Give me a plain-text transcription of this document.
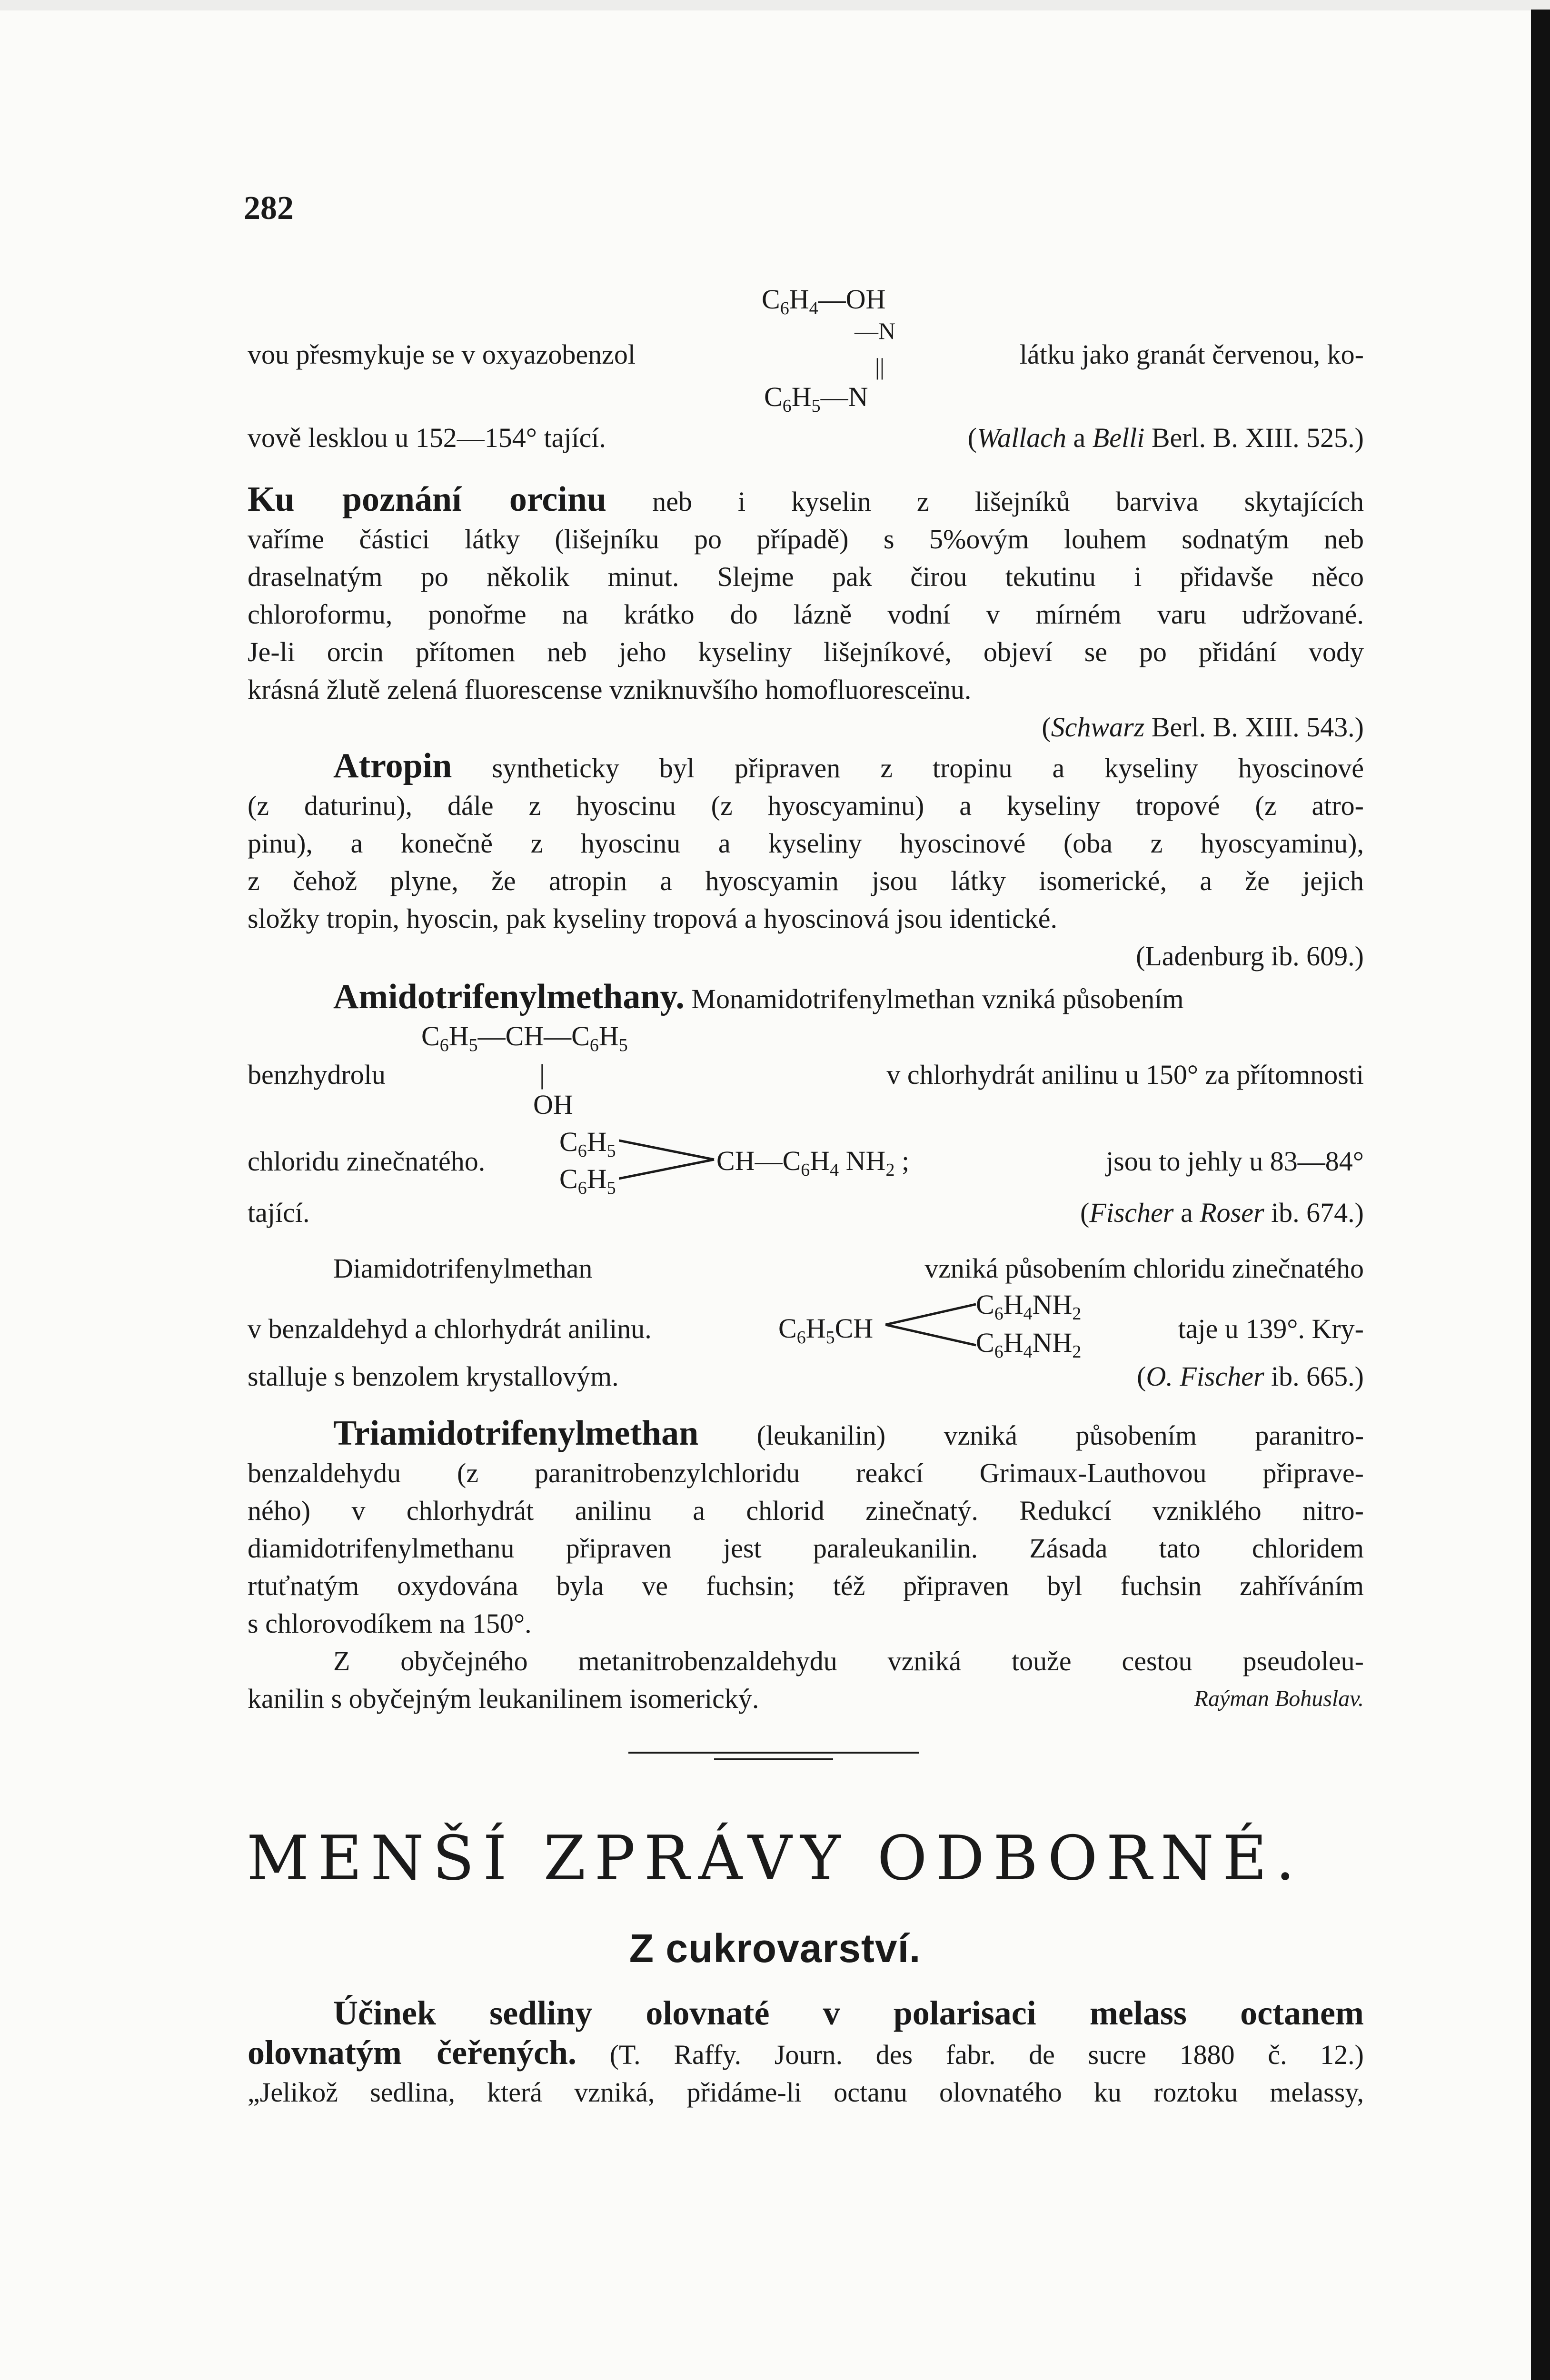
282
$C_6H_4—OH$
—N
||
$C_6H_5—N$
vou přesmykuje se v oxyazobenzol	látku jako granát červenou, ko-
vově lesklou u 152—154° tající.	(Wallach a Belli Berl. B. XIII. 525.)

Ku poznání orcinu neb i kyselin z lišejníků barviva skytajících

vaříme částici látky (lišejníku po případě) s 5%ovým louhem sodnatým neb

draselnatým po několik minut. Slejme pak čirou tekutinu i přidavše něco

chloroformu, ponořme na krátko do lázně vodní v mírném varu udržované.

Je-li orcin přítomen neb jeho kyseliny lišejníkové, objeví se po přidání vody

krásná žlutě zelená fluorescense vzniknuvšího homofluoresceïnu.

(Schwarz Berl. B. XIII. 543.)

Atropin syntheticky byl připraven z tropinu a kyseliny hyoscinové

(z daturinu), dále z hyoscinu (z hyoscyaminu) a kyseliny tropové (z atro-

pinu), a konečně z hyoscinu a kyseliny hyoscinové (oba z hyoscyaminu),

z čehož plyne, že atropin a hyoscyamin jsou látky isomerické, a že jejich

složky tropin, hyoscin, pak kyseliny tropová a hyoscinová jsou identické.

(Ladenburg ib. 609.)

Amidotrifenylmethany. Monamidotrifenylmethan vzniká působením

$C_6H_5—CH—C_6H_5$
|
OH
benzhydrolu	v chlorhydrát anilinu u 150° za přítomnosti
$C_6H_5$
$C_6H_5$
$CH—C_6H_4$ $NH_2$ ;
chloridu zinečnatého.	jsou to jehly u 83—84°
tající.	(Fischer a Roser ib. 674.)
Diamidotrifenylmethan	vzniká působením chloridu zinečnatého
v benzaldehyd a chlorhydrát anilinu.	taje u 139°. Kry-
$C_6H_5CH$
$C_6H_4NH_2$
$C_6H_4NH_2$
stalluje s benzolem krystallovým.	(O. Fischer ib. 665.)

Triamidotrifenylmethan (leukanilin) vzniká působením paranitro-

benzaldehydu (z paranitrobenzylchloridu reakcí Grimaux-Lauthovou připrave-

ného) v chlorhydrát anilinu a chlorid zinečnatý. Redukcí vzniklého nitro-

diamidotrifenylmethanu připraven jest paraleukanilin. Zásada tato chloridem

rtuťnatým oxydována byla ve fuchsin; též připraven byl fuchsin zahříváním

s chlorovodíkem na 150°.

Z obyčejného metanitrobenzaldehydu vzniká touže cestou pseudoleu-

kanilin s obyčejným leukanilinem isomerický.	Raýman Bohuslav.
MENŠÍ ZPRÁVY ODBORNÉ.
Z cukrovarství.

Účinek sedliny olovnaté v polarisaci melass octanem

olovnatým čeřených. (T. Raffy. Journ. des fabr. de sucre 1880 č. 12.)

„Jelikož sedlina, která vzniká, přidáme-li octanu olovnatého ku roztoku melassy,
